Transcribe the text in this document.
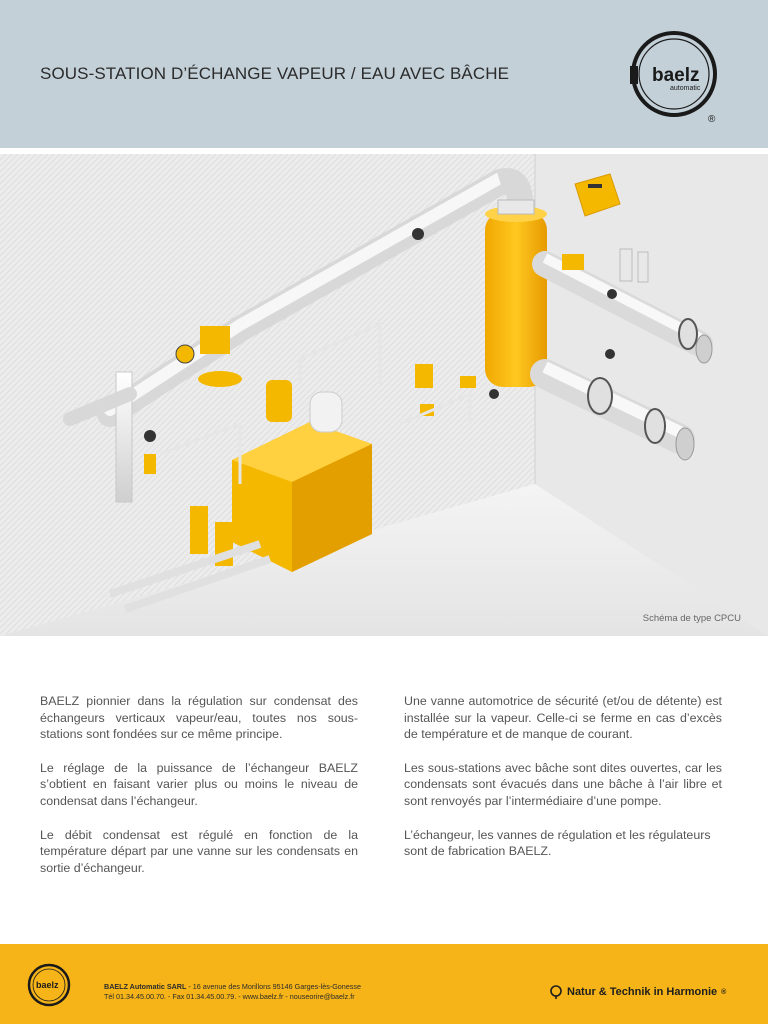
SOUS-STATION D’ÉCHANGE VAPEUR / EAU AVEC BÂCHE	baelz
automatic
®
Schéma de type CPCU

BAELZ pionnier dans la régulation sur condensat des échangeurs verticaux vapeur/eau, toutes nos sous-stations sont fondées sur ce même principe.

Le réglage de la puissance de l’échangeur BAELZ s’obtient en faisant varier plus ou moins le niveau de condensat dans l’échangeur.

Le débit condensat est régulé en fonction de la température départ par une vanne sur les condensats en sortie d’échangeur.

Une vanne automotrice de sécurité (et/ou de détente) est installée sur la vapeur. Celle-ci se ferme en cas d’excès de température et de manque de courant.

Les sous-stations avec bâche sont dites ouvertes, car les condensats sont évacués dans une bâche à l’air libre et sont renvoyés par l’intermédiaire d’une pompe.

L’échangeur, les vannes de régulation et les régulateurs sont de fabrication BAELZ.

baelz	BAELZ Automatic SARL - 16 avenue des Morillons 95146 Garges-lès-Gonesse
Tél 01.34.45.00.70. - Fax 01.34.45.00.79. - www.baelz.fr - nouseorire@baelz.fr	Natur & Technik in Harmonie ®
